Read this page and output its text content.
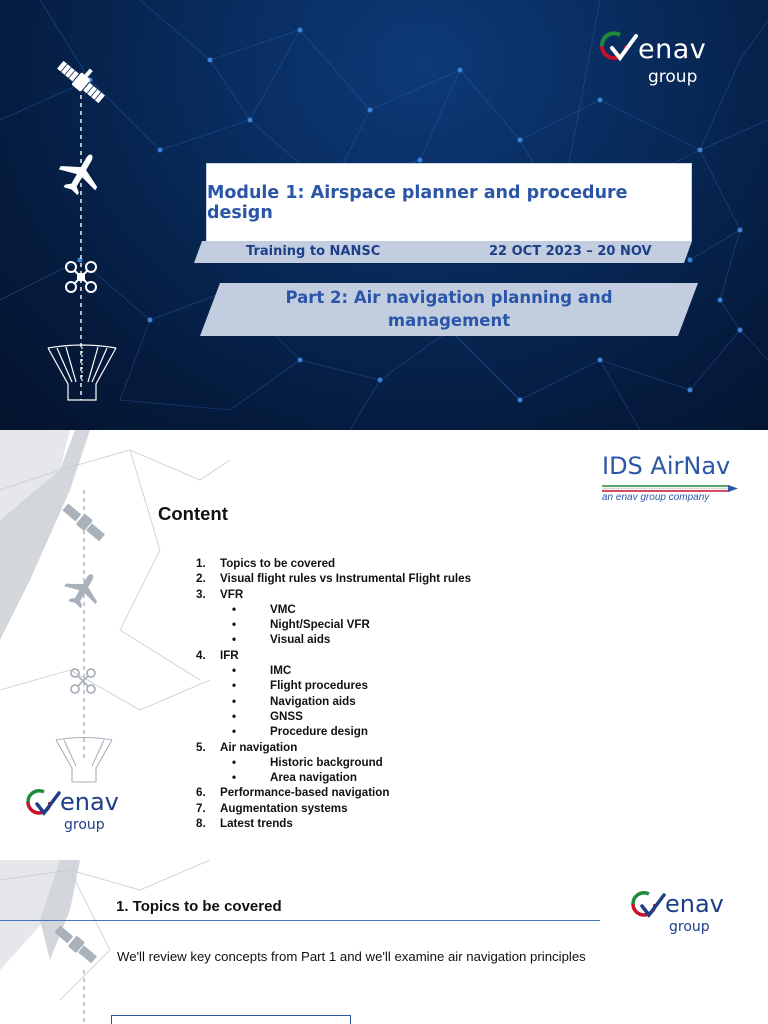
enav
group
Module 1: Airspace planner and procedure design
Training to NANSC	22 OCT 2023 – 20 NOV
Part 2: Air navigation planning and management
IDS AirNav
an enav group company
Content
1.	Topics to be covered
2.	Visual flight rules vs Instrumental Flight rules
3.	VFR
•	VMC
•	Night/Special VFR
•	Visual aids
4.	IFR
•	IMC
•	Flight procedures
•	Navigation aids
•	GNSS
•	Procedure design
5.	Air navigation
•	Historic background
•	Area navigation
6.	Performance-based navigation
7.	Augmentation systems
8.	Latest trends
enav
group
1. Topics to be covered
We'll review key concepts from Part 1 and we'll examine air navigation principles
enav
group
